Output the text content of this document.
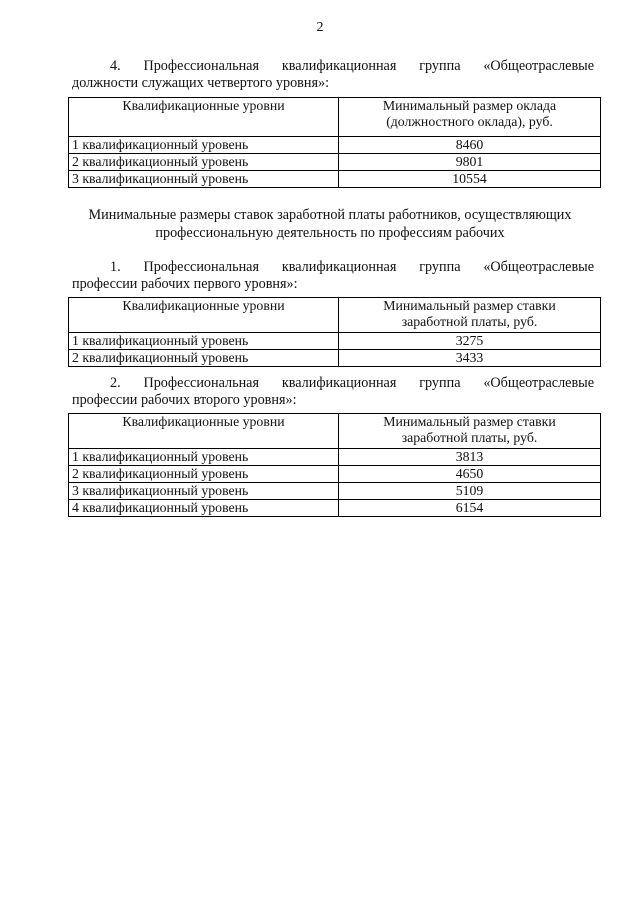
2
4. Профессиональная квалификационная группа «Общеотраслевые
должности служащих четвертого уровня»:
Квалификационные уровни	Минимальный размер оклада
(должностного оклада), руб.
1 квалификационный уровень	8460
2 квалификационный уровень	9801
3 квалификационный уровень	10554
Минимальные размеры ставок заработной платы работников, осуществляющих
профессиональную деятельность по профессиям рабочих
1. Профессиональная квалификационная группа «Общеотраслевые
профессии рабочих первого уровня»:
Квалификационные уровни	Минимальный размер ставки
заработной платы, руб.
1 квалификационный уровень	3275
2 квалификационный уровень	3433
2. Профессиональная квалификационная группа «Общеотраслевые
профессии рабочих второго уровня»:
Квалификационные уровни	Минимальный размер ставки
заработной платы, руб.
1 квалификационный уровень	3813
2 квалификационный уровень	4650
3 квалификационный уровень	5109
4 квалификационный уровень	6154
